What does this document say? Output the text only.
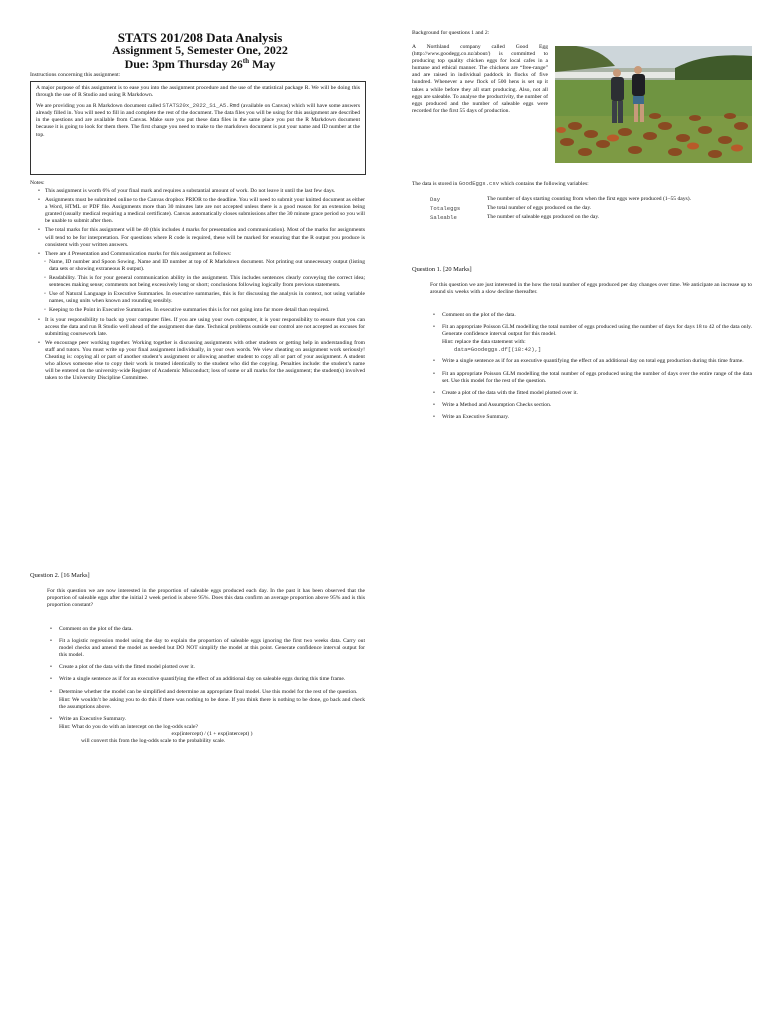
STATS 201/208 Data Analysis
Assignment 5, Semester One, 2022
Due: 3pm Thursday 26th May
Instructions concerning this assignment:

A major purpose of this assignment is to ease you into the assignment procedure and the use of the statistical package R. We will be doing this through the use of R Studio and using R Markdown.

We are providing you an R Markdown document called STATS20x_2022_S1_A5.Rmd (available on Canvas) which will have some answers already filled in. You will need to fill in and complete the rest of the document. The data files you will be using for this assignment are described in the questions and are available from Canvas. Make sure you put these data files in the same place you put the R Markdown document because it is going to look for them there. The first change you need to make to the markdown document is put your name and ID number at the top.

Notes:
• This assignment is worth 6% of your final mark and requires a substantial amount of work. Do not leave it until the last few days.
• Assignments must be submitted online to the Canvas dropbox PRIOR to the deadline. You will need to submit your knitted document as either a Word, HTML or PDF file. Assignments more than 30 minutes late are not accepted unless there is a good reason for an extension being granted (usually medical requiring a medical certificate). Canvas automatically closes submissions after the 30 minute grace period so you will be unable to submit after then.
• The total marks for this assignment will be 40 (this includes 4 marks for presentation and communication). Most of the marks for assignments will tend to be for interpretation. For questions where R code is required, these will be marked for ensuring that the R output you produce is consistent with your written answers.
• There are 4 Presentation and Communication marks for this assignment as follows:
◦ Name, ID number and Spoon Sowing. Name and ID number at top of R Markdown document. Not printing out unnecessary output (listing data sets or showing extraneous R output).
◦ Readability. This is for your general communication ability in the assignment. This includes sentences clearly conveying the correct idea; sentences making sense; comments not being excessively long or short; conclusions following logically from previous statements.
◦ Use of Natural Language in Executive Summaries. In executive summaries, this is for discussing the analysis in context, not using variable names, using units when known and rounding sensibly.
◦ Keeping to the Point in Executive Summaries. In executive summaries this is for not going into far more detail than required.
• It is your responsibility to back up your computer files. If you are using your own computer, it is your responsibility to ensure that you can access the data and run R Studio well ahead of the assignment due date. Technical problems outside our control are not accepted as excuses for submitting coursework late.
• We encourage peer working together. Working together is discussing assignments with other students or getting help in understanding from staff and tutors. You must write up your final assignment individually, in your own words. We view cheating on assignment work seriously! Cheating is: copying all or part of another student’s assignment or allowing another student to copy all or part of your assignment. A student who allows someone else to copy their work is treated identically to the student who did the copying. Penalties include: the student’s name will be entered on the university-wide Register of Academic Misconduct; loss of some or all marks for the assignment; the student(s) involved taken to the University Discipline Committee.
Question 2. [16 Marks]
For this question we are now interested in the proportion of saleable eggs produced each day. In the past it has been observed that the proportion of saleable eggs after the initial 2 week period is above 95%. Does this data confirm an average proportion above 95% and is this proportion constant?
• Comment on the plot of the data.
• Fit a logistic regression model using the day to explain the proportion of saleable eggs ignoring the first two weeks data. Carry out model checks and amend the model as needed but DO NOT simplify the model at this point. Generate confidence interval output for this model.
• Create a plot of the data with the fitted model plotted over it.
• Write a single sentence as if for an executive quantifying the effect of an additional day on saleable eggs during this time frame.
• Determine whether the model can be simplified and determine an appropriate final model. Use this model for the rest of the question.
Hint: We wouldn’t be asking you to do this if there was nothing to be done. If you think there is nothing to be done, go back and check the assumptions above.
• Write an Executive Summary.
Hint: What do you do with an intercept on the log-odds scale?
exp(intercept) / (1 + exp(intercept) )
will convert this from the log-odds scale to the probability scale.
Background for questions 1 and 2:
A Northland company called Good Egg (http://www.goodegg.co.nz/about/) is committed to producing top quality chicken eggs for local cafes in a humane and ethical manner. The chickens are “free-range” and are raised in individual paddock in flocks of five hundred. Whenever a new flock of 500 hens is set up it takes a while before they all start producing. Also, not all eggs are saleable. To analyse the productivity, the number of eggs produced and the number of saleable eggs were recorded for the first 55 days of production.
The data is stored in GoodEggs.csv which contains the following variables:
Day	The number of days starting counting from when the first eggs were produced (1–55 days).
Totaleggs	The total number of eggs produced on the day.
Saleable	The number of saleable eggs produced on the day.
Question 1. [20 Marks]
For this question we are just interested in the how the total number of eggs produced per day changes over time. We anticipate an increase up to around six weeks with a slow decline thereafter.
• Comment on the plot of the data.
• Fit an appropriate Poisson GLM modelling the total number of eggs produced using the number of days for days 18 to 42 of the data only. Generate confidence interval output for this model.
Hint: replace the data statement with:
data=Goodeggs.df[(18:42),]
• Write a single sentence as if for an executive quantifying the effect of an additional day on total egg production during this time frame.
• Fit an appropriate Poisson GLM modelling the total number of eggs produced using the number of days over the entire range of the data set. Use this model for the rest of the question.
• Create a plot of the data with the fitted model plotted over it.
• Write a Method and Assumption Checks section.
• Write an Executive Summary.
